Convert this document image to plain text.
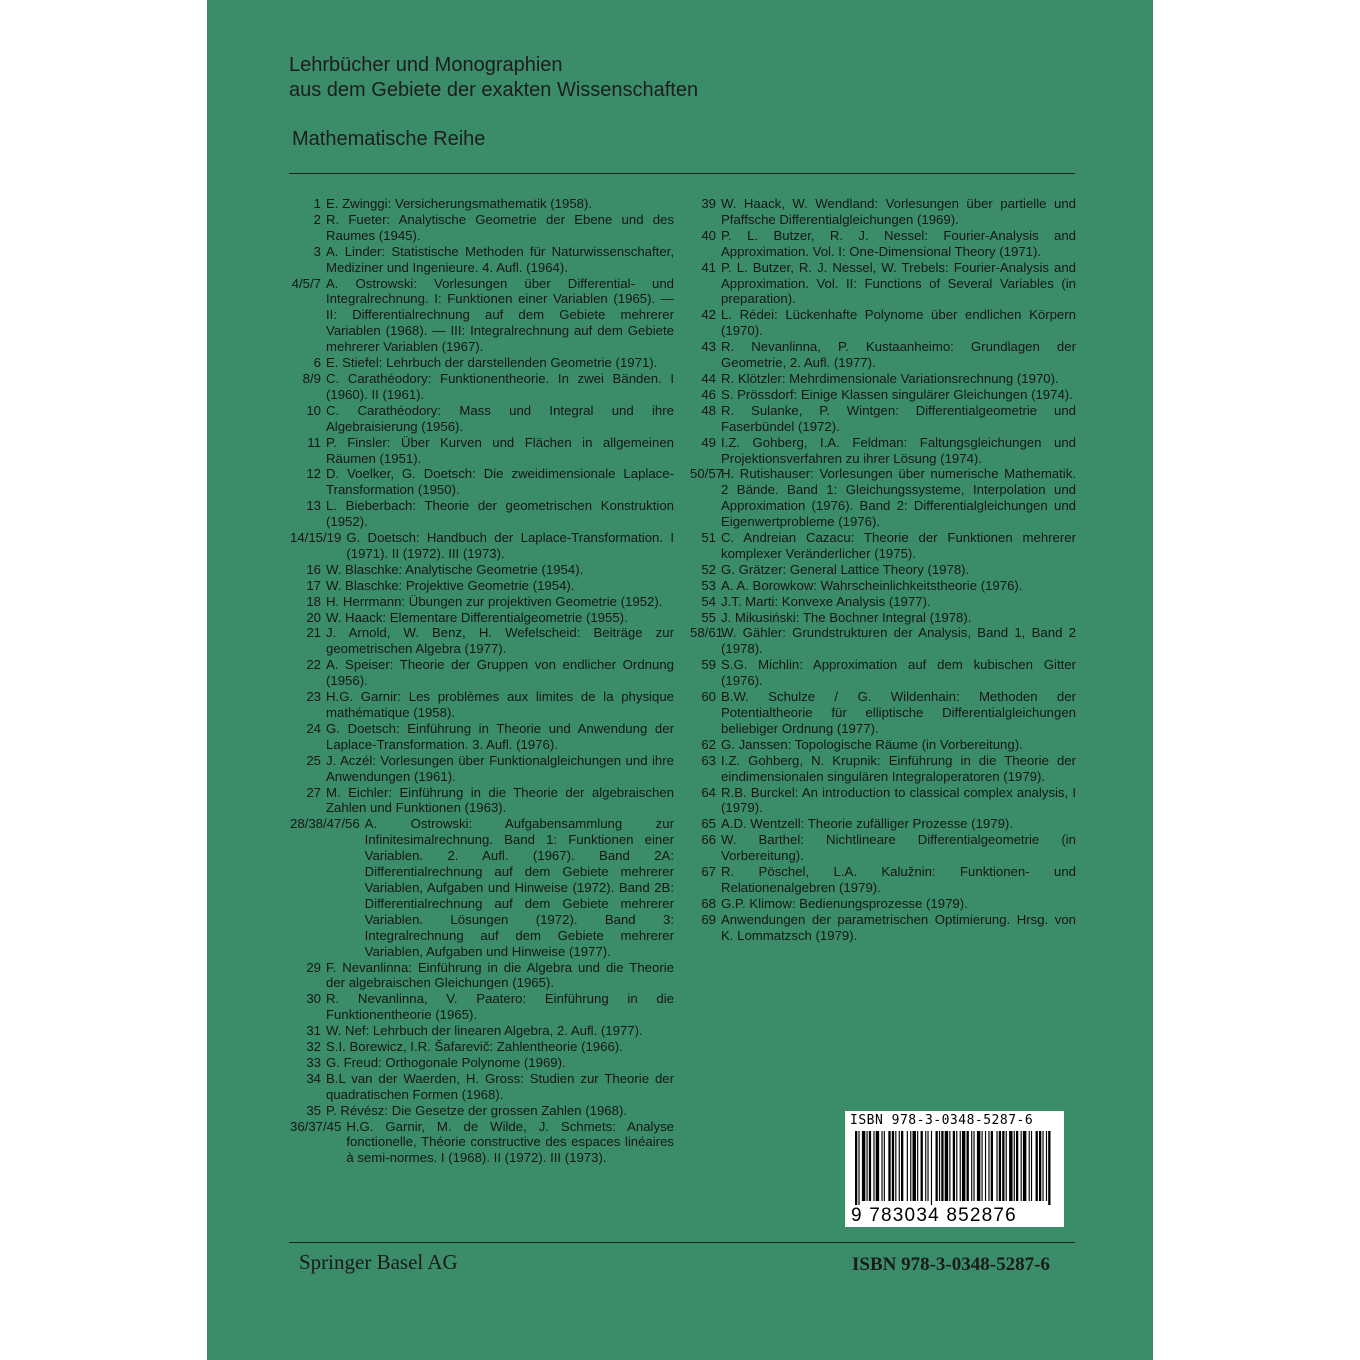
Lehrbücher und Monographien
aus dem Gebiete der exakten Wissenschaften
Mathematische Reihe
1 E. Zwinggi: Versicherungsmathematik (1958).
2 R. Fueter: Analytische Geometrie der Ebene und des Raumes (1945).
3 A. Linder: Statistische Methoden für Naturwissenschafter, Mediziner und Ingenieure. 4. Aufl. (1964).
4/5/7 A. Ostrowski: Vorlesungen über Differential- und Integralrechnung. I: Funktionen einer Variablen (1965). — II: Differentialrechnung auf dem Gebiete mehrerer Variablen (1968). — III: Integralrechnung auf dem Gebiete mehrerer Variablen (1967).
6 E. Stiefel: Lehrbuch der darstellenden Geometrie (1971).
8/9 C. Carathéodory: Funktionentheorie. In zwei Bänden. I (1960). II (1961).
10 C. Carathéodory: Mass und Integral und ihre Algebraisierung (1956).
11 P. Finsler: Über Kurven und Flächen in allgemeinen Räumen (1951).
12 D. Voelker, G. Doetsch: Die zweidimensionale Laplace-Transformation (1950).
13 L. Bieberbach: Theorie der geometrischen Konstruktion (1952).
14/15/19 G. Doetsch: Handbuch der Laplace-Transformation. I (1971). II (1972). III (1973).
16 W. Blaschke: Analytische Geometrie (1954).
17 W. Blaschke: Projektive Geometrie (1954).
18 H. Herrmann: Übungen zur projektiven Geometrie (1952).
20 W. Haack: Elementare Differentialgeometrie (1955).
21 J. Arnold, W. Benz, H. Wefelscheid: Beiträge zur geometrischen Algebra (1977).
22 A. Speiser: Theorie der Gruppen von endlicher Ordnung (1956).
23 H.G. Garnir: Les problèmes aux limites de la physique mathématique (1958).
24 G. Doetsch: Einführung in Theorie und Anwendung der Laplace-Transformation. 3. Aufl. (1976).
25 J. Aczél: Vorlesungen über Funktionalgleichungen und ihre Anwendungen (1961).
27 M. Eichler: Einführung in die Theorie der algebraischen Zahlen und Funktionen (1963).
28/38/47/56 A. Ostrowski: Aufgabensammlung zur Infinitesimalrechnung. Band 1: Funktionen einer Variablen. 2. Aufl. (1967). Band 2A: Differentialrechnung auf dem Gebiete mehrerer Variablen, Aufgaben und Hinweise (1972). Band 2B: Differentialrechnung auf dem Gebiete mehrerer Variablen. Lösungen (1972). Band 3: Integralrechnung auf dem Gebiete mehrerer Variablen, Aufgaben und Hinweise (1977).
29 F. Nevanlinna: Einführung in die Algebra und die Theorie der algebraischen Gleichungen (1965).
30 R. Nevanlinna, V. Paatero: Einführung in die Funktionentheorie (1965).
31 W. Nef: Lehrbuch der linearen Algebra, 2. Aufl. (1977).
32 S.I. Borewicz, I.R. Šafarevič: Zahlentheorie (1966).
33 G. Freud: Orthogonale Polynome (1969).
34 B.L van der Waerden, H. Gross: Studien zur Theorie der quadratischen Formen (1968).
35 P. Révész: Die Gesetze der grossen Zahlen (1968).
36/37/45 H.G. Garnir, M. de Wilde, J. Schmets: Analyse fonctionelle, Théorie constructive des espaces linéaires à semi-normes. I (1968). II (1972). III (1973).
39 W. Haack, W. Wendland: Vorlesungen über partielle und Pfaffsche Differentialgleichungen (1969).
40 P. L. Butzer, R. J. Nessel: Fourier-Analysis and Approximation. Vol. I: One-Dimensional Theory (1971).
41 P. L. Butzer, R. J. Nessel, W. Trebels: Fourier-Analysis and Approximation. Vol. II: Functions of Several Variables (in preparation).
42 L. Rédei: Lückenhafte Polynome über endlichen Körpern (1970).
43 R. Nevanlinna, P. Kustaanheimo: Grundlagen der Geometrie, 2. Aufl. (1977).
44 R. Klötzler: Mehrdimensionale Variationsrechnung (1970).
46 S. Prössdorf: Einige Klassen singulärer Gleichungen (1974).
48 R. Sulanke, P. Wintgen: Differentialgeometrie und Faserbündel (1972).
49 I.Z. Gohberg, I.A. Feldman: Faltungsgleichungen und Projektionsverfahren zu ihrer Lösung (1974).
50/57
H. Rutishauser: Vorlesungen über numerische Mathematik. 2 Bände. Band 1: Gleichungssysteme, Interpolation und Approximation (1976). Band 2: Differentialgleichungen und Eigenwertprobleme (1976).
51 C. Andreian Cazacu: Theorie der Funktionen mehrerer komplexer Veränderlicher (1975).
52 G. Grätzer: General Lattice Theory (1978).
53 A. A. Borowkow: Wahrscheinlichkeitstheorie (1976).
54 J.T. Marti: Konvexe Analysis (1977).
55 J. Mikusiński: The Bochner Integral (1978).
58/61
W. Gähler: Grundstrukturen der Analysis, Band 1, Band 2 (1978).
59 S.G. Michlin: Approximation auf dem kubischen Gitter (1976).
60 B.W. Schulze / G. Wildenhain: Methoden der Potentialtheorie für elliptische Differentialgleichungen beliebiger Ordnung (1977).
62 G. Janssen: Topologische Räume (in Vorbereitung).
63 I.Z. Gohberg, N. Krupnik: Einführung in die Theorie der eindimensionalen singulären Integraloperatoren (1979).
64 R.B. Burckel: An introduction to classical complex analysis, I (1979).
65 A.D. Wentzell: Theorie zufälliger Prozesse (1979).
66 W. Barthel: Nichtlineare Differentialgeometrie (in Vorbereitung).
67 R. Pöschel, L.A. Kalužnin: Funktionen- und Relationenalgebren (1979).
68 G.P. Klimow: Bedienungsprozesse (1979).
69 Anwendungen der parametrischen Optimierung. Hrsg. von K. Lommatzsch (1979).
ISBN 978-3-0348-5287-6
9 783034 852876
Springer Basel AG	ISBN 978-3-0348-5287-6
